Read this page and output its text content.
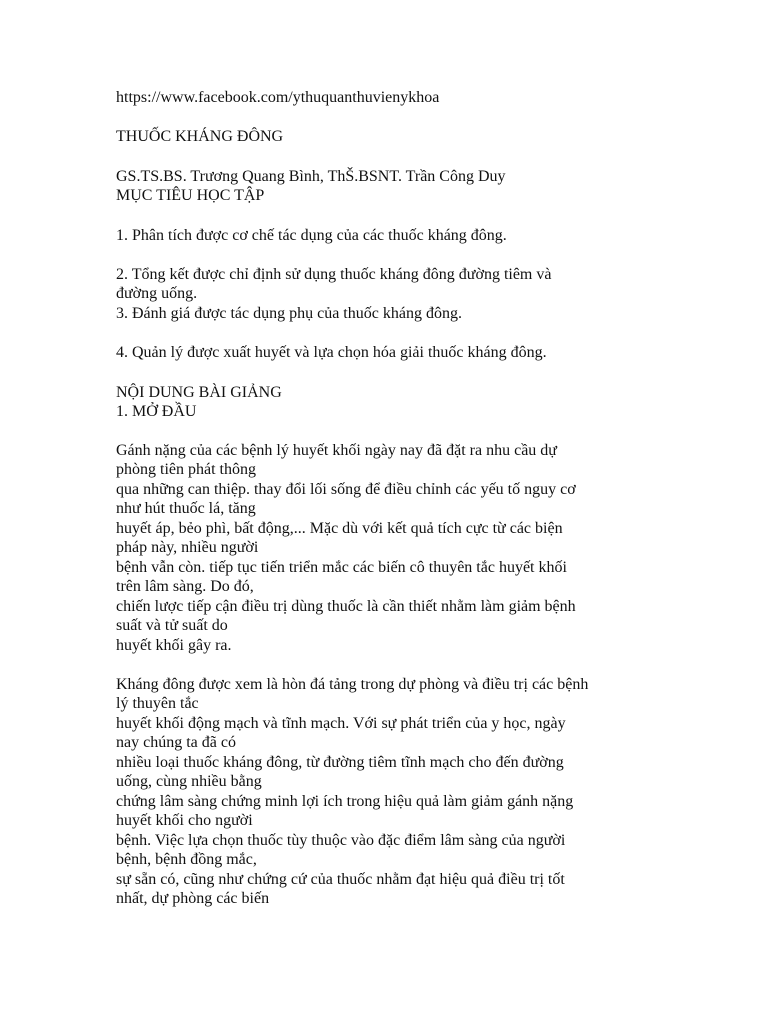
https://www.facebook.com/ythuquanthuvienykhoa
THUỐC KHÁNG ĐÔNG
GS.TS.BS. Trương Quang Bình, ThŠ.BSNT. Trần Công Duy
MỤC TIÊU HỌC TẬP
1. Phân tích được cơ chế tác dụng của các thuốc kháng đông.
2. Tổng kết được chỉ định sử dụng thuốc kháng đông đường tiêm và
đường uống.
3. Đánh giá được tác dụng phụ của thuốc kháng đông.
4. Quản lý được xuất huyết và lựa chọn hóa giải thuốc kháng đông.
NỘI DUNG BÀI GIẢNG
1. MỞ ĐẦU
Gánh nặng của các bệnh lý huyết khối ngày nay đã đặt ra nhu cầu dự
phòng tiên phát thông
qua những can thiệp. thay đổi lối sống để điều chỉnh các yếu tố nguy cơ
như hút thuốc lá, tăng
huyết áp, bẻo phì, bất động,... Mặc dù với kết quả tích cực từ các biện
pháp này, nhiều người
bệnh vẫn còn. tiếp tục tiến triển mắc các biến cô thuyên tắc huyết khối
trên lâm sàng. Do đó,
chiến lược tiếp cận điều trị dùng thuốc là cần thiết nhằm làm giảm bệnh
suất và tử suất do
huyết khối gây ra.
Kháng đông được xem là hòn đá tảng trong dự phòng và điều trị các bệnh
lý thuyên tắc
huyết khối động mạch và tĩnh mạch. Với sự phát triển của y học, ngày
nay chúng ta đã có
nhiều loại thuốc kháng đông, từ đường tiêm tĩnh mạch cho đến đường
uống, cùng nhiều bằng
chứng lâm sàng chứng minh lợi ích trong hiệu quả làm giảm gánh nặng
huyết khối cho người
bệnh. Việc lựa chọn thuốc tùy thuộc vào đặc điểm lâm sàng của người
bệnh, bệnh đồng mắc,
sự sẵn có, cũng như chứng cứ của thuốc nhằm đạt hiệu quả điều trị tốt
nhất, dự phòng các biến
